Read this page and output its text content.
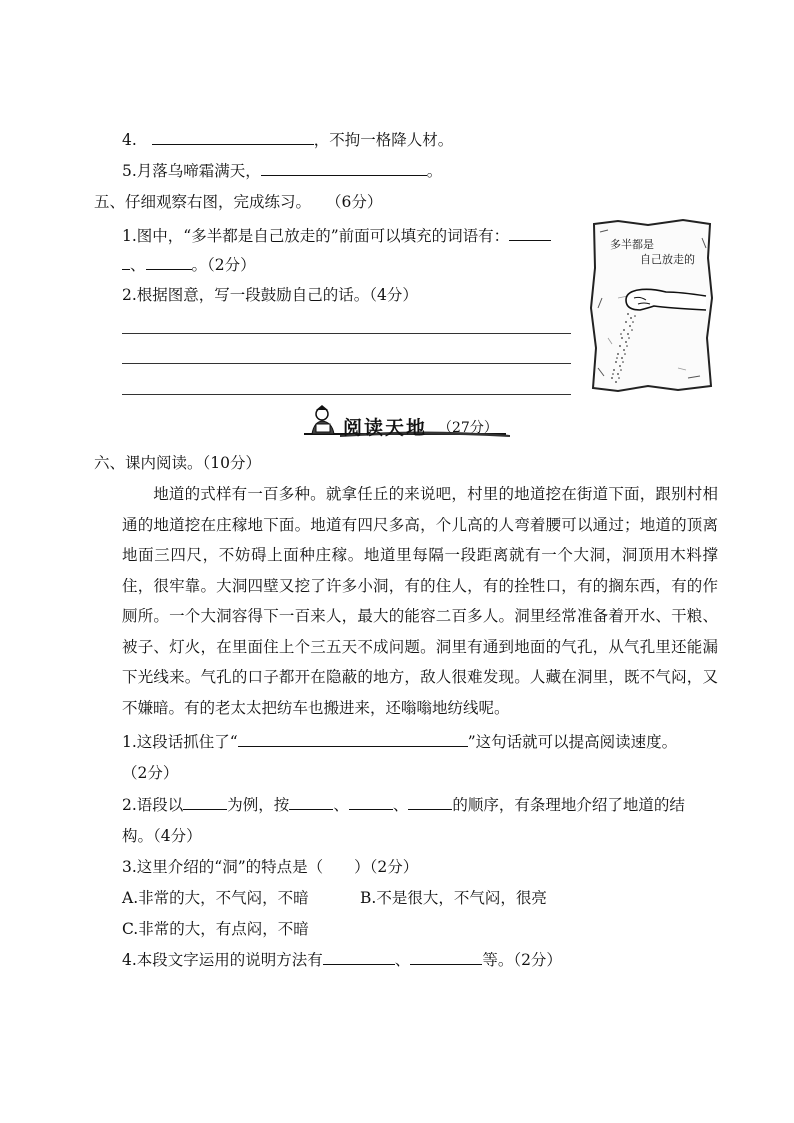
4.	，不拘一格降人材。
5.月落乌啼霜满天，	。
五、仔细观察右图，完成练习。 （6分）
1.图中，“多半都是自己放走的”前面可以填充的词语有：
、	。（2分）
2.根据图意，写一段鼓励自己的话。（4分）
多半都是
自己放走的
阅读天地 （27分）
六、课内阅读。（10分）
地道的式样有一百多种。就拿任丘的来说吧，村里的地道挖在街道下面，跟别村相通的地道挖在庄稼地下面。地道有四尺多高，个儿高的人弯着腰可以通过；地道的顶离地面三四尺，不妨碍上面种庄稼。地道里每隔一段距离就有一个大洞，洞顶用木料撑住，很牢靠。大洞四壁又挖了许多小洞，有的住人，有的拴牲口，有的搁东西，有的作厕所。一个大洞容得下一百来人，最大的能容二百多人。洞里经常准备着开水、干粮、被子、灯火，在里面住上个三五天不成问题。洞里有通到地面的气孔，从气孔里还能漏下光线来。气孔的口子都开在隐蔽的地方，敌人很难发现。人藏在洞里，既不气闷，又不嫌暗。有的老太太把纺车也搬进来，还嗡嗡地纺线呢。
1.这段话抓住了“	”这句话就可以提高阅读速度。
（2分）
2.语段以	为例，按	、	、	的顺序，有条理地介绍了地道的结
构。（4分）
3.这里介绍的“洞”的特点是（　　）（2分）
A.非常的大，不气闷，不暗	B.不是很大，不气闷，很亮
C.非常的大，有点闷，不暗
4.本段文字运用的说明方法有	、	等。（2分）
